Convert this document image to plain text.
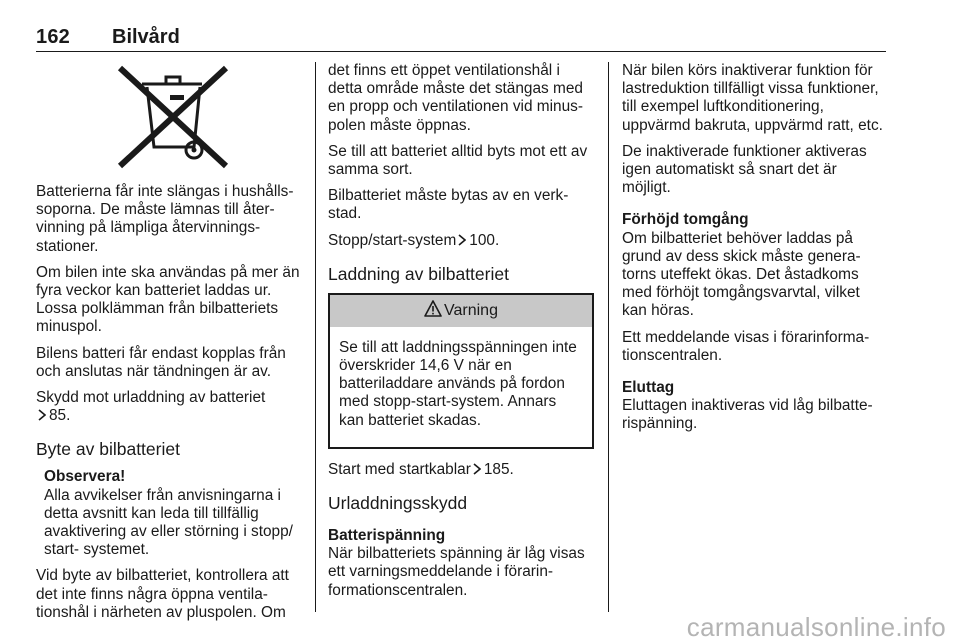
162 Bilvård

Batterierna får inte slängas i hushållssoporna. De måste lämnas till återvinning på lämpliga återvinningsstationer.

Om bilen inte ska användas på mer än fyra veckor kan batteriet laddas ur. Lossa polklämman från bilbatteriets minuspol.

Bilens batteri får endast kopplas från och anslutas när tändningen är av.

Skydd mot urladdning av batteriet
85.

Byte av bilbatteriet
Observera!
Alla avvikelser från anvisningarna i detta avsnitt kan leda till tillfällig avaktivering av eller störning i stopp/ start- systemet.

Vid byte av bilbatteriet, kontrollera att det inte finns några öppna ventilationshål i närheten av pluspolen. Om

det finns ett öppet ventilationshål i detta område måste det stängas med en propp och ventilationen vid minuspolen måste öppnas.

Se till att batteriet alltid byts mot ett av samma sort.

Bilbatteriet måste bytas av en verkstad.

Stopp/start-system 100.

Laddning av bilbatteriet
Varning

Se till att laddningsspänningen inte överskrider 14,6 V när en batteriladdare används på fordon med stopp-start-system. Annars kan batteriet skadas.

Start med startkablar 185.

Urladdningsskydd
Batterispänning

När bilbatteriets spänning är låg visas ett varningsmeddelande i förarinformationscentralen.

När bilen körs inaktiverar funktion för lastreduktion tillfälligt vissa funktioner, till exempel luftkonditionering, uppvärmd bakruta, uppvärmd ratt, etc.

De inaktiverade funktioner aktiveras igen automatiskt så snart det är möjligt.

Förhöjd tomgång

Om bilbatteriet behöver laddas på grund av dess skick måste generatorns uteffekt ökas. Det åstadkoms med förhöjt tomgångsvarvtal, vilket kan höras.

Ett meddelande visas i förarinformationscentralen.

Eluttag

Eluttagen inaktiveras vid låg bilbatterispänning.

carmanualsonline.info
